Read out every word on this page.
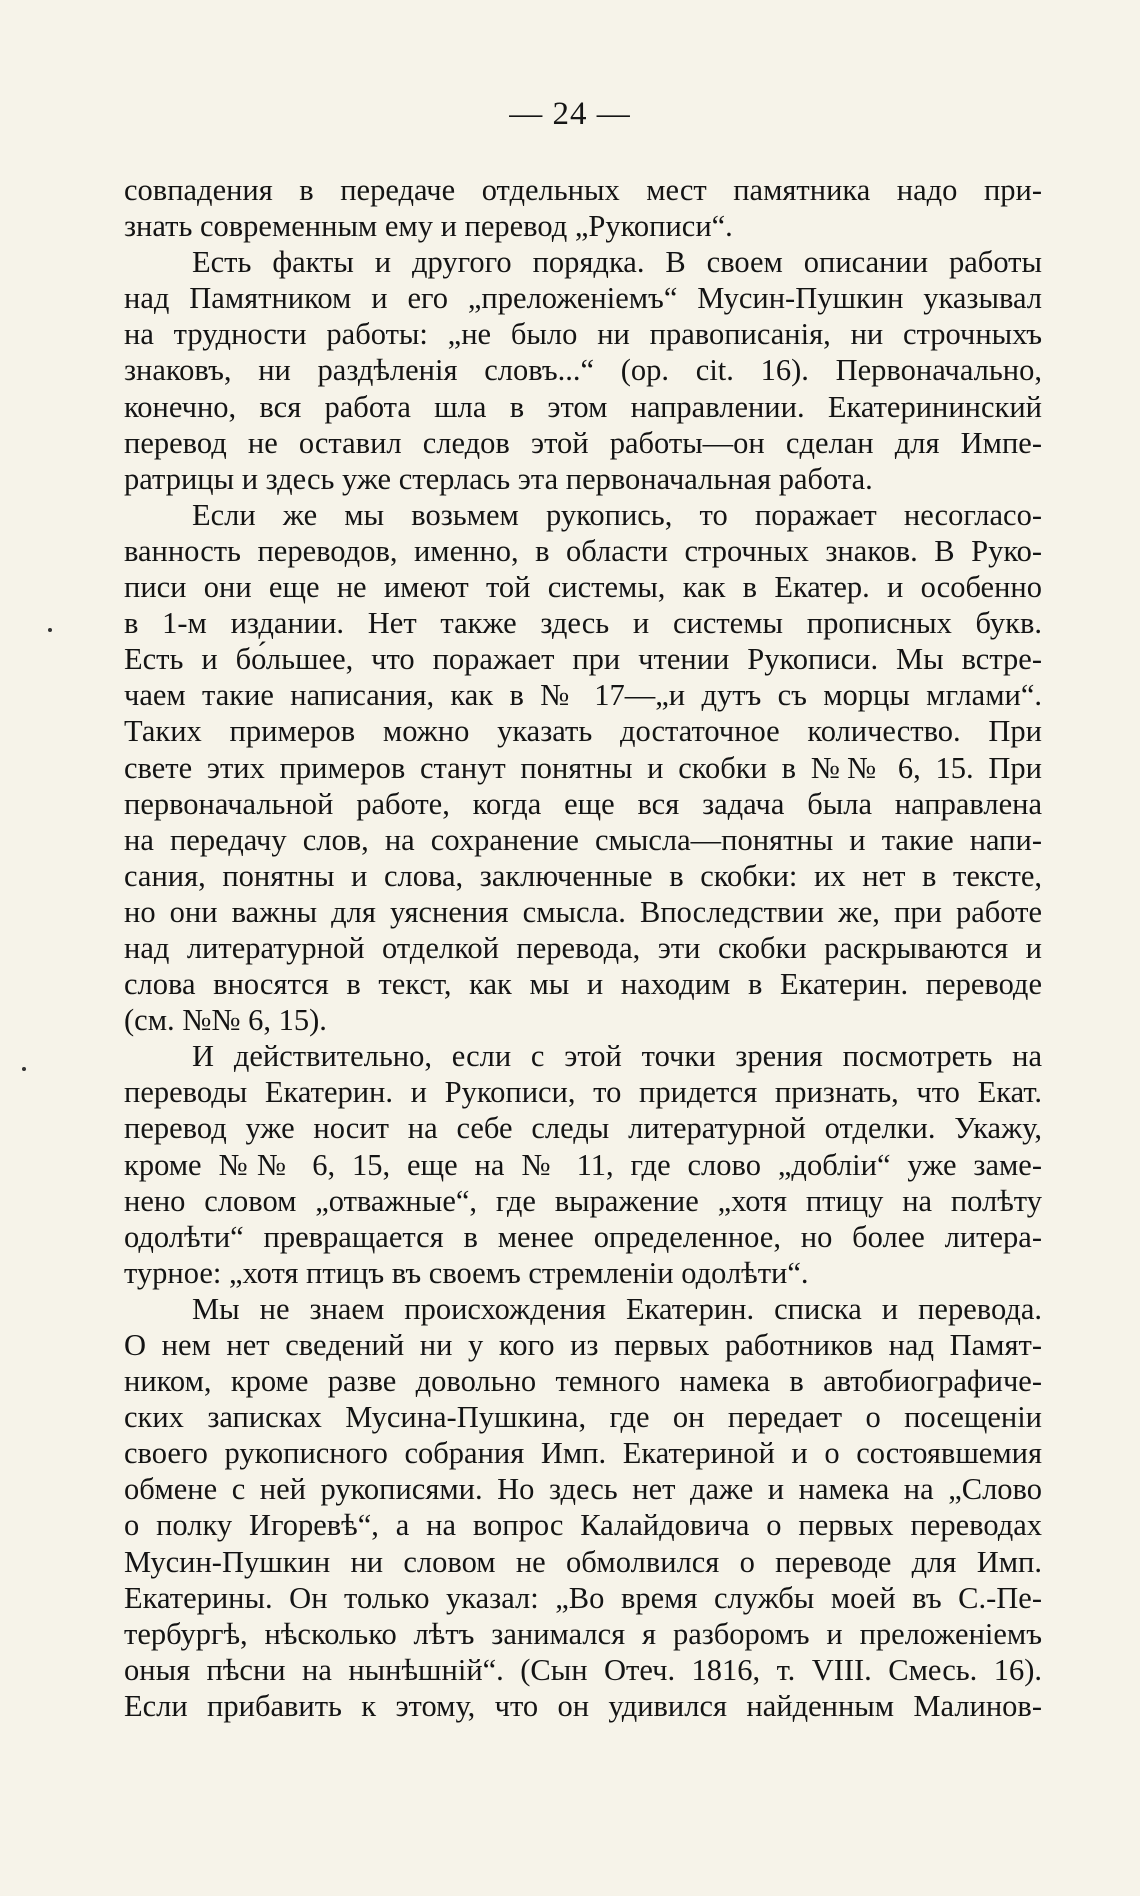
— 24 —
совпадения в передаче отдельных мест памятника надо при-
знать современным ему и перевод „Рукописи“.
Есть факты и другого порядка. В своем описании работы
над Памятником и его „преложенiемъ“ Мусин-Пушкин указывал
на трудности работы: „не было ни правописанія, ни строчныхъ
знаковъ, ни раздѣленія словъ...“ (ор. cit. 16). Первоначально,
конечно, вся работа шла в этом направлении. Екатерининский
перевод не оставил следов этой работы—он сделан для Импе-
ратрицы и здесь уже стерлась эта первоначальная работа.
Если же мы возьмем рукопись, то поражает несогласо-
ванность переводов, именно, в области строчных знаков. В Руко-
писи они еще не имеют той системы, как в Екатер. и особенно
в 1-м издании. Нет также здесь и системы прописных букв.
Есть и бо́льшее, что поражает при чтении Рукописи. Мы встре-
чаем такие написания, как в № 17—„и дутъ съ морцы мглами“.
Таких примеров можно указать достаточное количество. При
свете этих примеров станут понятны и скобки в №№ 6, 15. При
первоначальной работе, когда еще вся задача была направлена
на передачу слов, на сохранение смысла—понятны и такие напи-
сания, понятны и слова, заключенные в скобки: их нет в тексте,
но они важны для уяснения смысла. Впоследствии же, при работе
над литературной отделкой перевода, эти скобки раскрываются и
слова вносятся в текст, как мы и находим в Екатерин. переводе
(см. №№ 6, 15).
И действительно, если с этой точки зрения посмотреть на
переводы Екатерин. и Рукописи, то придется признать, что Екат.
перевод уже носит на себе следы литературной отделки. Укажу,
кроме №№ 6, 15, еще на № 11, где слово „добліи“ уже заме-
нено словом „отважные“, где выражение „хотя птицу на полѣту
одолѣти“ превращается в менее определенное, но более литера-
турное: „хотя птицъ въ своемъ стремленіи одолѣти“.
Мы не знаем происхождения Екатерин. списка и перевода.
О нем нет сведений ни у кого из первых работников над Памят-
ником, кроме разве довольно темного намека в автобиографиче-
ских записках Мусина-Пушкина, где он передает о посещеніи
своего рукописного собрания Имп. Екатериной и о состоявшемия
обмене с ней рукописями. Но здесь нет даже и намека на „Слово
о полку Игоревѣ“, а на вопрос Калайдовича о первых переводах
Мусин-Пушкин ни словом не обмолвился о переводе для Имп.
Екатерины. Он только указал: „Во время службы моей въ С.-Пе-
тербургѣ, нѣсколько лѣтъ занимался я разборомъ и преложеніемъ
оныя пѣсни на нынѣшній“. (Сын Отеч. 1816, т. VIII. Смесь. 16).
Если прибавить к этому, что он удивился найденным Малинов-
